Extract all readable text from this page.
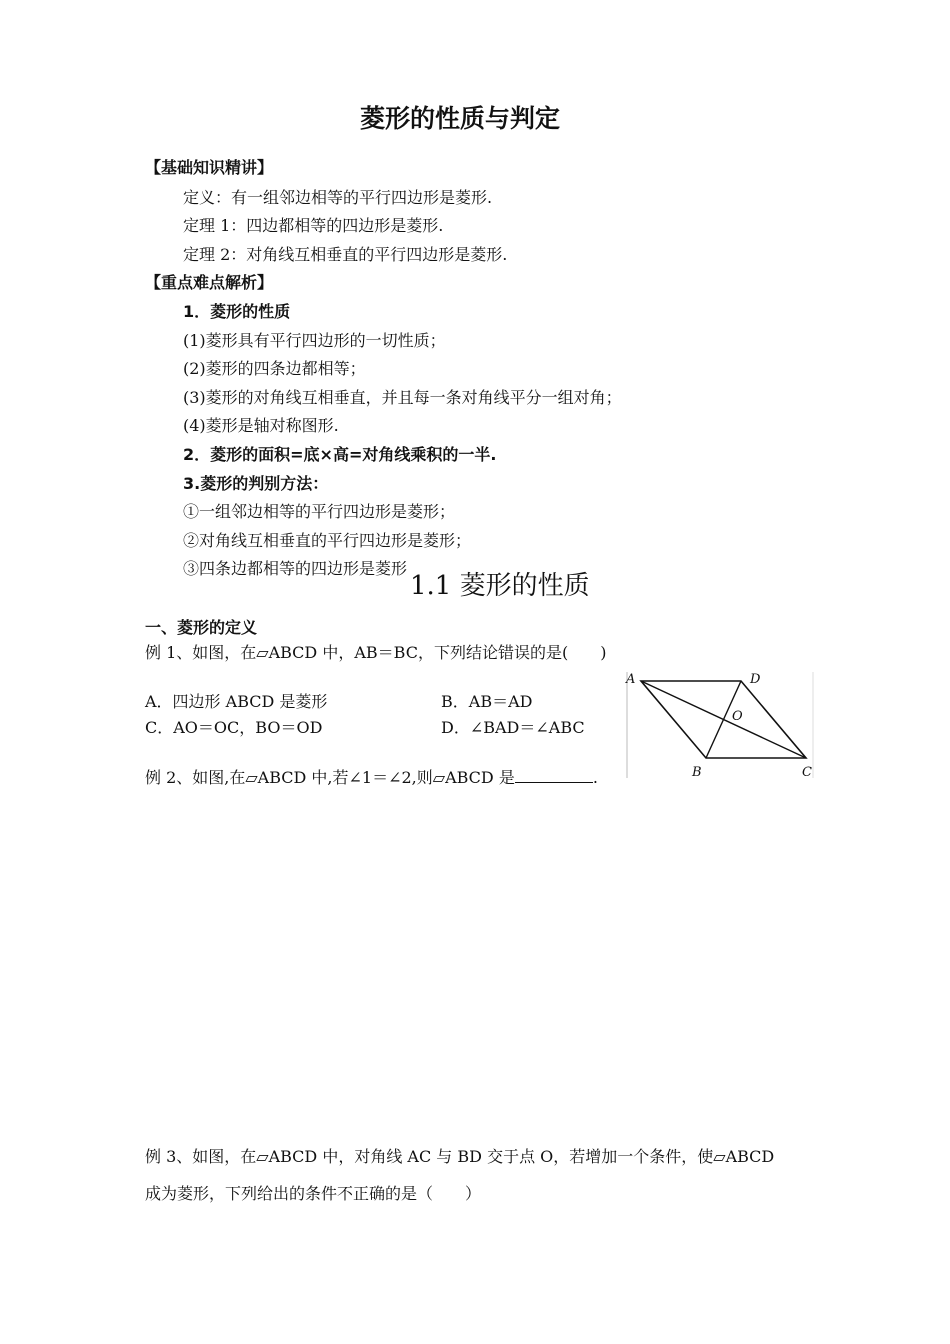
菱形的性质与判定
【基础知识精讲】
定义：有一组邻边相等的平行四边形是菱形.
定理 1：四边都相等的四边形是菱形.
定理 2：对角线互相垂直的平行四边形是菱形.
【重点难点解析】
1．菱形的性质
(1)菱形具有平行四边形的一切性质；
(2)菱形的四条边都相等；
(3)菱形的对角线互相垂直，并且每一条对角线平分一组对角；
(4)菱形是轴对称图形.
2．菱形的面积=底×高=对角线乘积的一半.
3.菱形的判别方法：
①一组邻边相等的平行四边形是菱形；
②对角线互相垂直的平行四边形是菱形；
③四条边都相等的四边形是菱形
1.1 菱形的性质
一、菱形的定义
例 1、如图，在▱ABCD 中，AB＝BC，下列结论错误的是(　　)
A．四边形 ABCD 是菱形	B．AB＝AD
C．AO＝OC，BO＝OD	D．∠BAD＝∠ABC
例 2、如图,在▱ABCD 中,若∠1＝∠2,则▱ABCD 是	.
A	D
O
B	C
例 3、如图，在▱ABCD 中，对角线 AC 与 BD 交于点 O，若增加一个条件，使▱ABCD
成为菱形，下列给出的条件不正确的是（　　）
